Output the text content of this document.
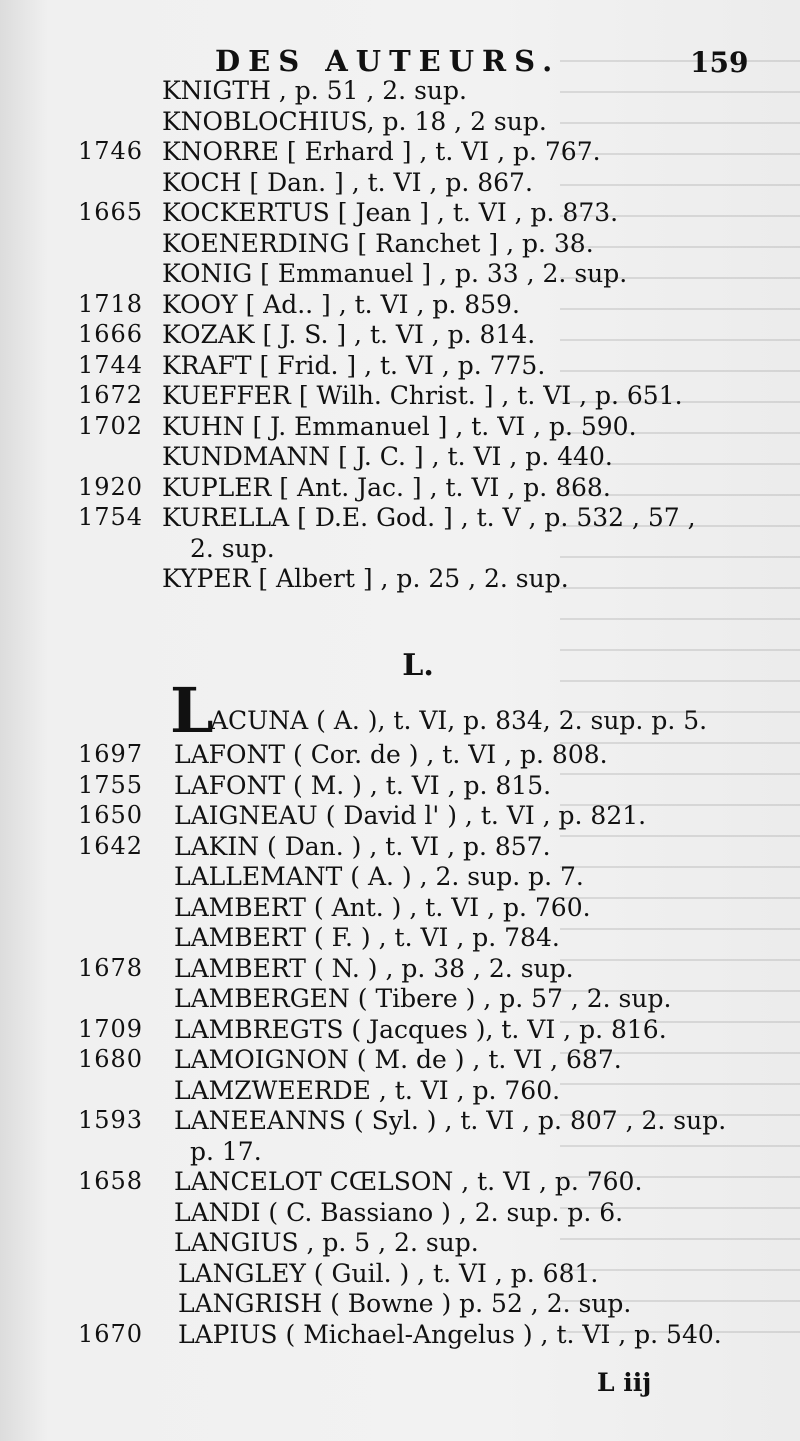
DES AUTEURS.	159
KNIGTH , p. 51 , 2. sup.
KNOBLOCHIUS, p. 18 , 2 sup.
1746 KNORRE [ Erhard ] , t. VI , p. 767.
KOCH [ Dan. ] , t. VI , p. 867.
1665 KOCKERTUS [ Jean ] , t. VI , p. 873.
KOENERDING [ Ranchet ] , p. 38.
KONIG [ Emmanuel ] , p. 33 , 2. sup.
1718 KOOY [ Ad.. ] , t. VI , p. 859.
1666 KOZAK [ J. S. ] , t. VI , p. 814.
1744 KRAFT [ Frid. ] , t. VI , p. 775.
1672 KUEFFER [ Wilh. Christ. ] , t. VI , p. 651.
1702 KUHN [ J. Emmanuel ] , t. VI , p. 590.
KUNDMANN [ J. C. ] , t. VI , p. 440.
1920 KUPLER [ Ant. Jac. ] , t. VI , p. 868.
1754 KURELLA [ D.E. God. ] , t. V , p. 532 , 57 ,
2. sup.
KYPER [ Albert ] , p. 25 , 2. sup.
L.
L
ACUNA ( A. ), t. VI, p. 834, 2. sup. p. 5.
1697	LAFONT ( Cor. de ) , t. VI , p. 808.
1755	LAFONT ( M. ) , t. VI , p. 815.
1650	LAIGNEAU ( David l' ) , t. VI , p. 821.
1642	LAKIN ( Dan. ) , t. VI , p. 857.
LALLEMANT ( A. ) , 2. sup. p. 7.
LAMBERT ( Ant. ) , t. VI , p. 760.
LAMBERT ( F. ) , t. VI , p. 784.
1678	LAMBERT ( N. ) , p. 38 , 2. sup.
LAMBERGEN ( Tibere ) , p. 57 , 2. sup.
1709	LAMBREGTS ( Jacques ), t. VI , p. 816.
1680	LAMOIGNON ( M. de ) , t. VI , 687.
LAMZWEERDE , t. VI , p. 760.
1593	LANEEANNS ( Syl. ) , t. VI , p. 807 , 2. sup.
p. 17.
1658	LANCELOT CŒLSON , t. VI , p. 760.
LANDI ( C. Bassiano ) , 2. sup. p. 6.
LANGIUS , p. 5 , 2. sup.
LANGLEY ( Guil. ) , t. VI , p. 681.
LANGRISH ( Bowne ) p. 52 , 2. sup.
1670	LAPIUS ( Michael-Angelus ) , t. VI , p. 540.
L iij
